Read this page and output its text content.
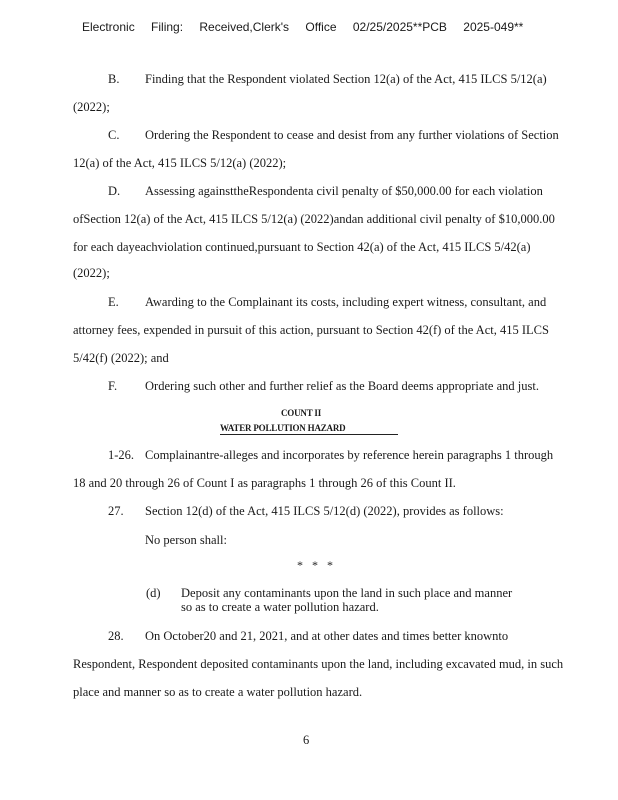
Electronic Filing: Received,Clerk's Office 02/25/2025**PCB 2025-049**
B. Finding that the Respondent violated Section 12(a) of the Act, 415 ILCS 5/12(a)
(2022);
C. Ordering the Respondent to cease and desist from any further violations of Section
12(a) of the Act, 415 ILCS 5/12(a) (2022);
D. Assessing againsttheRespondenta civil penalty of $50,000.00 for each violation
ofSection 12(a) of the Act, 415 ILCS 5/12(a) (2022)andan additional civil penalty of $10,000.00
for each dayeachviolation continued,pursuant to Section 42(a) of the Act, 415 ILCS 5/42(a)
(2022);
E. Awarding to the Complainant its costs, including expert witness, consultant, and
attorney fees, expended in pursuit of this action, pursuant to Section 42(f) of the Act, 415 ILCS
5/42(f) (2022); and
F. Ordering such other and further relief as the Board deems appropriate and just.
COUNT II
WATER POLLUTION HAZARD
1-26. Complainantre-alleges and incorporates by reference herein paragraphs 1 through
18 and 20 through 26 of Count I as paragraphs 1 through 26 of this Count II.
27. Section 12(d) of the Act, 415 ILCS 5/12(d) (2022), provides as follows:
No person shall:
* * *
(d) Deposit any contaminants upon the land in such place and manner
so as to create a water pollution hazard.
28. On October20 and 21, 2021, and at other dates and times better knownto
Respondent, Respondent deposited contaminants upon the land, including excavated mud, in such
place and manner so as to create a water pollution hazard.
6
